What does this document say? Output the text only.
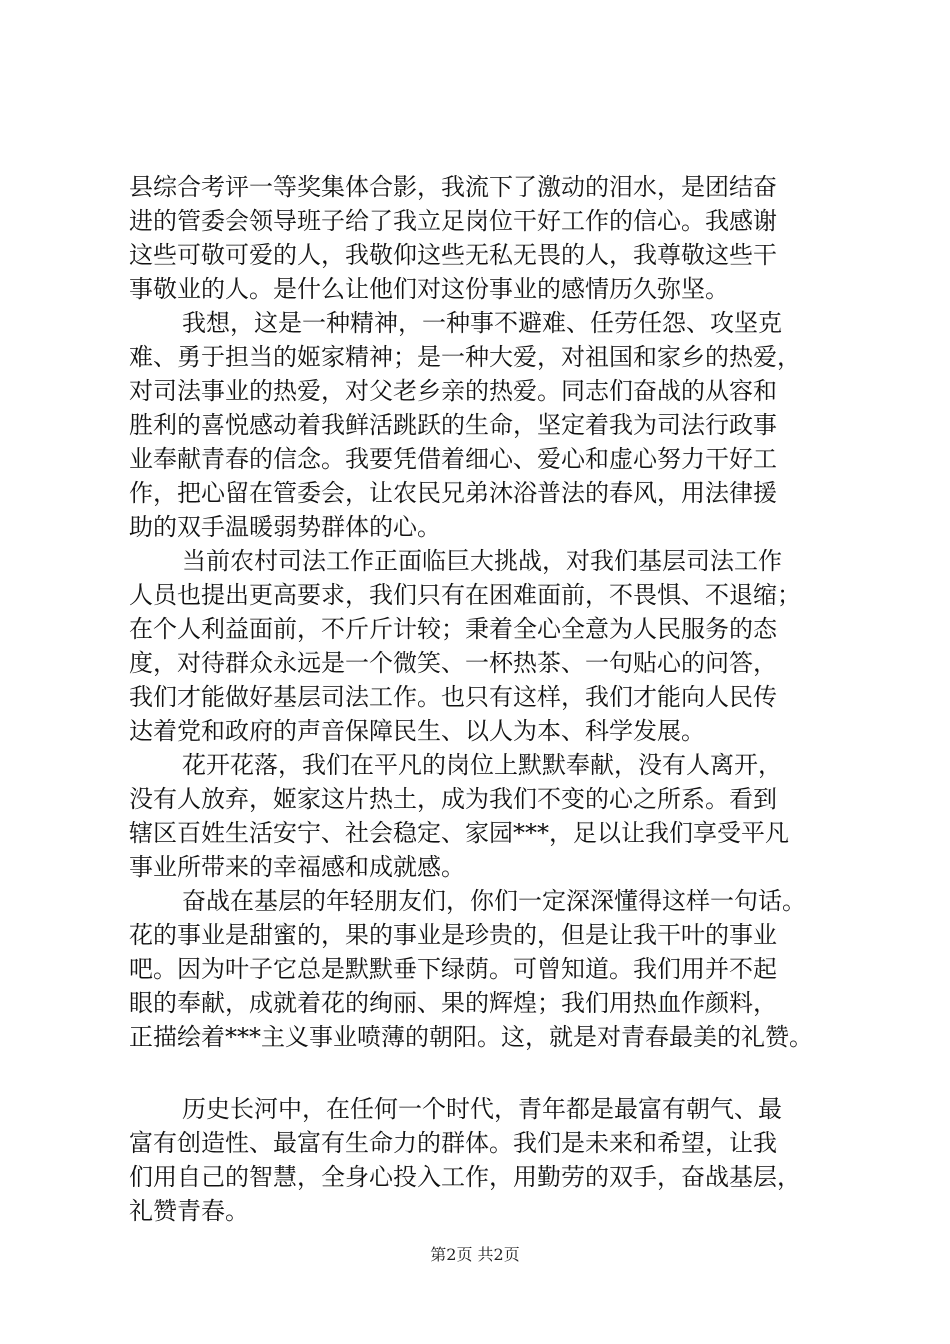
县综合考评一等奖集体合影，我流下了激动的泪水，是团结奋
进的管委会领导班子给了我立足岗位干好工作的信心。我感谢
这些可敬可爱的人，我敬仰这些无私无畏的人，我尊敬这些干
事敬业的人。是什么让他们对这份事业的感情历久弥坚。
我想，这是一种精神，一种事不避难、任劳任怨、攻坚克
难、勇于担当的姬家精神；是一种大爱，对祖国和家乡的热爱，
对司法事业的热爱，对父老乡亲的热爱。同志们奋战的从容和
胜利的喜悦感动着我鲜活跳跃的生命，坚定着我为司法行政事
业奉献青春的信念。我要凭借着细心、爱心和虚心努力干好工
作，把心留在管委会，让农民兄弟沐浴普法的春风，用法律援
助的双手温暖弱势群体的心。
当前农村司法工作正面临巨大挑战，对我们基层司法工作
人员也提出更高要求，我们只有在困难面前，不畏惧、不退缩；
在个人利益面前，不斤斤计较；秉着全心全意为人民服务的态
度，对待群众永远是一个微笑、一杯热茶、一句贴心的问答，
我们才能做好基层司法工作。也只有这样，我们才能向人民传
达着党和政府的声音保障民生、以人为本、科学发展。
花开花落，我们在平凡的岗位上默默奉献，没有人离开，
没有人放弃，姬家这片热土，成为我们不变的心之所系。看到
辖区百姓生活安宁、社会稳定、家园***，足以让我们享受平凡
事业所带来的幸福感和成就感。
奋战在基层的年轻朋友们，你们一定深深懂得这样一句话。
花的事业是甜蜜的，果的事业是珍贵的，但是让我干叶的事业
吧。因为叶子它总是默默垂下绿荫。可曾知道。我们用并不起
眼的奉献，成就着花的绚丽、果的辉煌；我们用热血作颜料，
正描绘着***主义事业喷薄的朝阳。这，就是对青春最美的礼赞。
历史长河中，在任何一个时代，青年都是最富有朝气、最
富有创造性、最富有生命力的群体。我们是未来和希望，让我
们用自己的智慧，全身心投入工作，用勤劳的双手，奋战基层，
礼赞青春。
第2页 共2页
